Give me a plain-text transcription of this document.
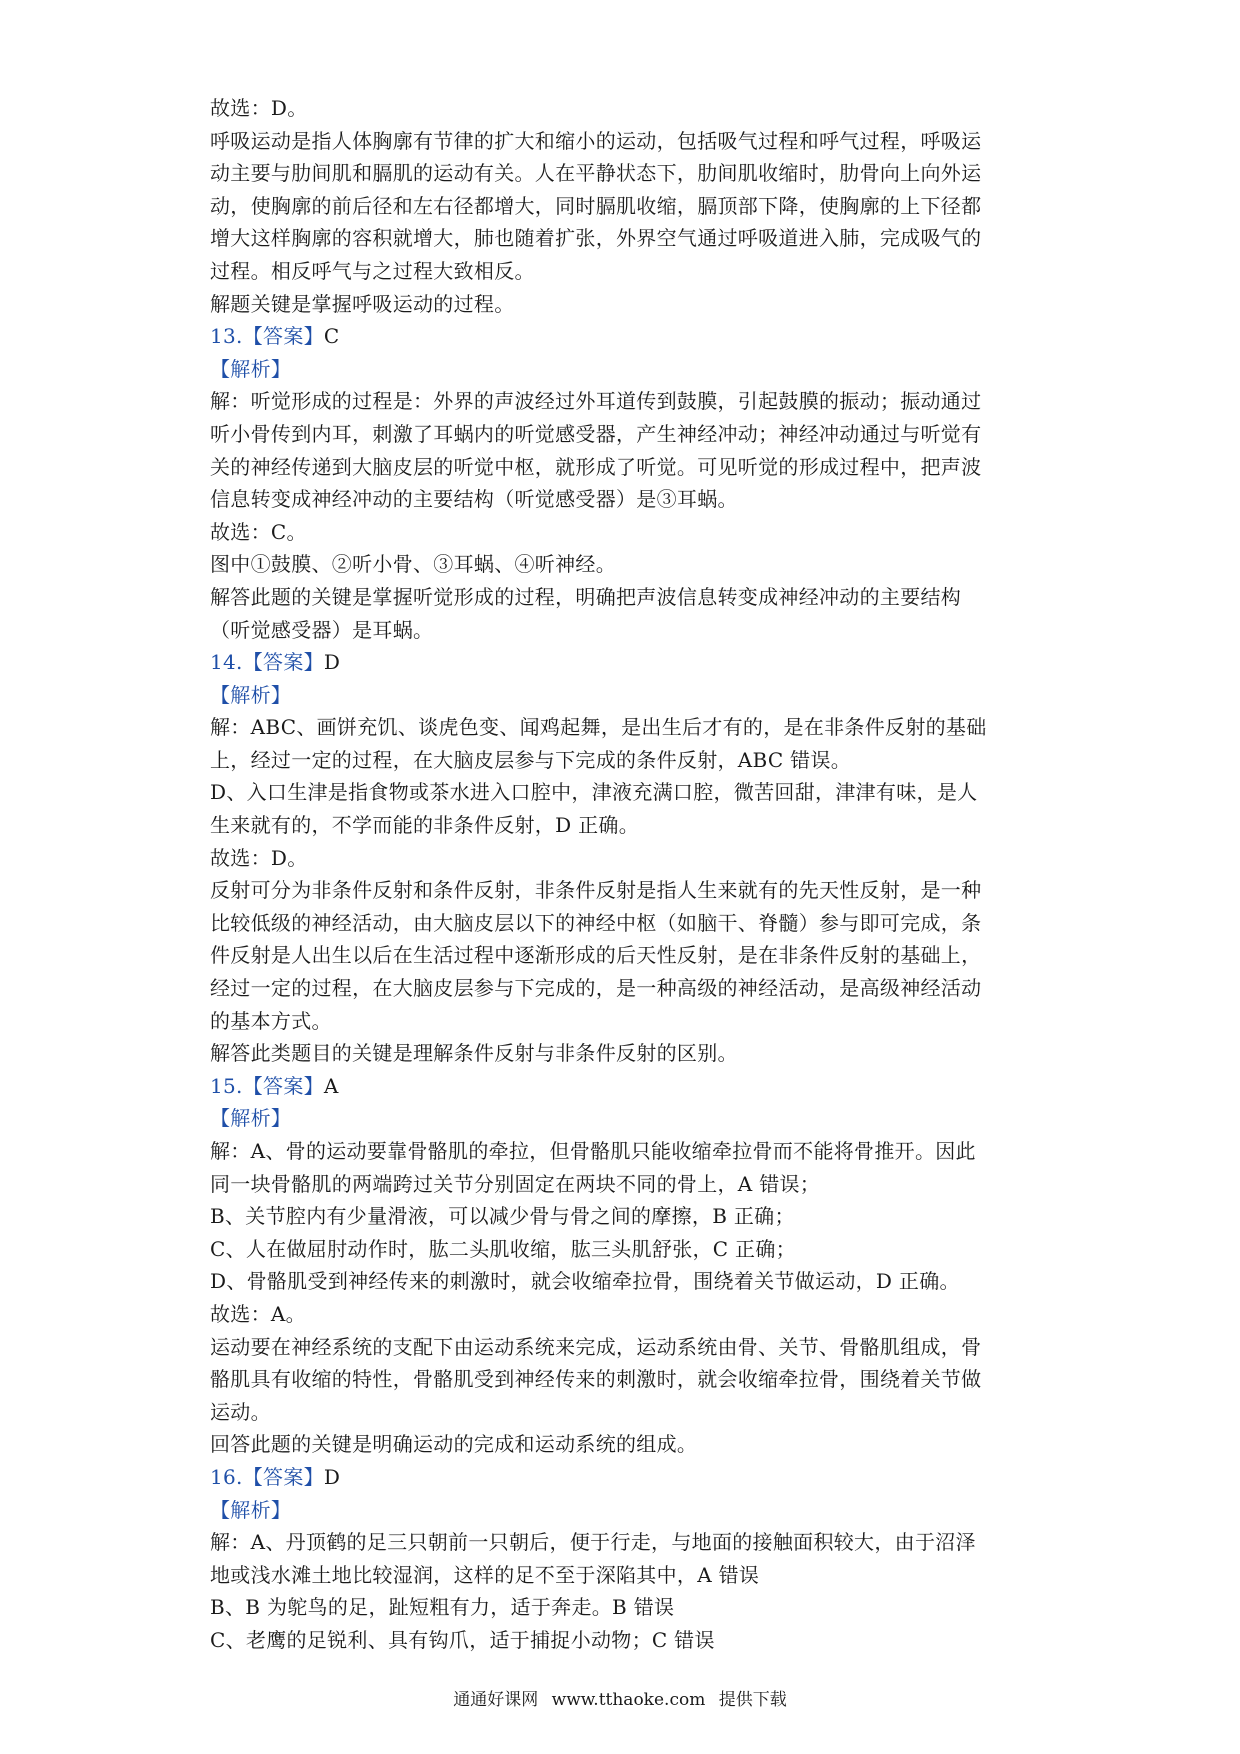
故选：D。
呼吸运动是指人体胸廓有节律的扩大和缩小的运动，包括吸气过程和呼气过程，呼吸运
动主要与肋间肌和膈肌的运动有关。人在平静状态下，肋间肌收缩时，肋骨向上向外运
动，使胸廓的前后径和左右径都增大，同时膈肌收缩，膈顶部下降，使胸廓的上下径都
增大这样胸廓的容积就增大，肺也随着扩张，外界空气通过呼吸道进入肺，完成吸气的
过程。相反呼气与之过程大致相反。
解题关键是掌握呼吸运动的过程。
13.【答案】C
【解析】
解：听觉形成的过程是：外界的声波经过外耳道传到鼓膜，引起鼓膜的振动；振动通过
听小骨传到内耳，刺激了耳蜗内的听觉感受器，产生神经冲动；神经冲动通过与听觉有
关的神经传递到大脑皮层的听觉中枢，就形成了听觉。可见听觉的形成过程中，把声波
信息转变成神经冲动的主要结构（听觉感受器）是③耳蜗。
故选：C。
图中①鼓膜、②听小骨、③耳蜗、④听神经。
解答此题的关键是掌握听觉形成的过程，明确把声波信息转变成神经冲动的主要结构
（听觉感受器）是耳蜗。
14.【答案】D
【解析】
解：ABC、画饼充饥、谈虎色变、闻鸡起舞，是出生后才有的，是在非条件反射的基础
上，经过一定的过程，在大脑皮层参与下完成的条件反射，ABC 错误。
D、入口生津是指食物或茶水进入口腔中，津液充满口腔，微苦回甜，津津有味，是人
生来就有的，不学而能的非条件反射，D 正确。
故选：D。
反射可分为非条件反射和条件反射，非条件反射是指人生来就有的先天性反射，是一种
比较低级的神经活动，由大脑皮层以下的神经中枢（如脑干、脊髓）参与即可完成，条
件反射是人出生以后在生活过程中逐渐形成的后天性反射，是在非条件反射的基础上，
经过一定的过程，在大脑皮层参与下完成的，是一种高级的神经活动，是高级神经活动
的基本方式。
解答此类题目的关键是理解条件反射与非条件反射的区别。
15.【答案】A
【解析】
解：A、骨的运动要靠骨骼肌的牵拉，但骨骼肌只能收缩牵拉骨而不能将骨推开。因此
同一块骨骼肌的两端跨过关节分别固定在两块不同的骨上，A 错误；
B、关节腔内有少量滑液，可以减少骨与骨之间的摩擦，B 正确；
C、人在做屈肘动作时，肱二头肌收缩，肱三头肌舒张，C 正确；
D、骨骼肌受到神经传来的刺激时，就会收缩牵拉骨，围绕着关节做运动，D 正确。
故选：A。
运动要在神经系统的支配下由运动系统来完成，运动系统由骨、关节、骨骼肌组成，骨
骼肌具有收缩的特性，骨骼肌受到神经传来的刺激时，就会收缩牵拉骨，围绕着关节做
运动。
回答此题的关键是明确运动的完成和运动系统的组成。
16.【答案】D
【解析】
解：A、丹顶鹤的足三只朝前一只朝后，便于行走，与地面的接触面积较大，由于沼泽
地或浅水滩土地比较湿润，这样的足不至于深陷其中，A 错误
B、B 为鸵鸟的足，趾短粗有力，适于奔走。B 错误
C、老鹰的足锐利、具有钩爪，适于捕捉小动物；C 错误
通通好课网 www.tthaoke.com 提供下载
